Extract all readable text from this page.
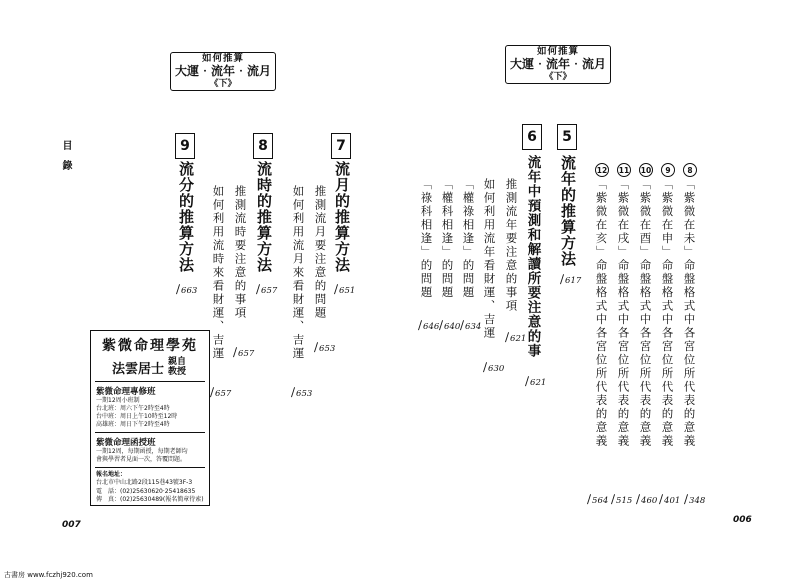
如何推算
大運‧流年‧流月
《下》
目　錄	7
流月的推算方法
∕ 651
推測流月要注意的問題
∕ 653
如何利用流月來看財運、吉運
∕ 653
8
流時的推算方法
∕ 657
推測流時要注意的事項
∕ 657
如何利用流時來看財運、吉運
∕ 657
9
流分的推算方法
∕ 663
紫微命理學苑
法雲居士
親自教授
紫微命理專修班
一期12周小班制
台北班：周六下午2時至4時
台中班：周日上午10時至12時
高雄班：周日下午2時至4時
紫微命理函授班
一期12周，每期函授，每期老師均
會與學習者見面一次，答覆問題。
報名地址：
台北市中山北路2段115巷43號3F-3
電　話：(02)25630620‧25418635
傳　真：(02)25630489(報名簡章待索)
007
如何推算
大運‧流年‧流月
《下》
8
「紫微在未」命盤格式中各宮位所代表的意義
∕ 348
9
「紫微在申」命盤格式中各宮位所代表的意義
∕ 401
10
「紫微在酉」命盤格式中各宮位所代表的意義
∕ 460
11
「紫微在戌」命盤格式中各宮位所代表的意義
∕ 515
12
「紫微在亥」命盤格式中各宮位所代表的意義
∕ 564
5
流年的推算方法
∕ 617
6
流年中預測和解讀所要注意的事
∕ 621
推測流年要注意的事項
∕ 621
如何利用流年看財運、吉運
∕ 630
「權祿相逢」的問題
∕ 634
「權科相逢」的問題
∕ 640
「祿科相逢」的問題
∕ 646
006
古書房 www.fczhj920.com
